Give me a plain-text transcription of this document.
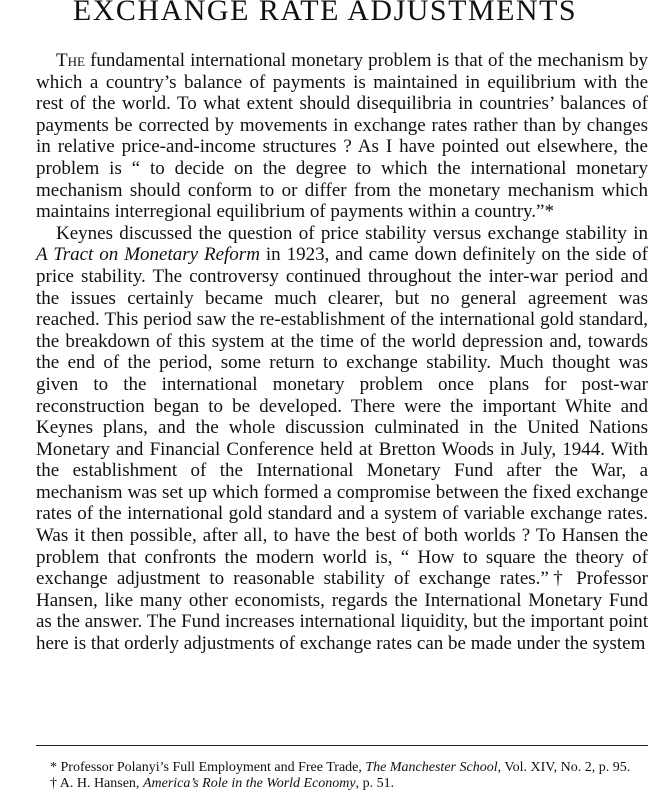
EXCHANGE RATE ADJUSTMENTS

The fundamental international monetary problem is that of the mechanism by which a country’s balance of payments is maintained in equilibrium with the rest of the world. To what extent should disequilibria in countries’ balances of payments be corrected by movements in exchange rates rather than by changes in relative price-and-income structures ? As I have pointed out elsewhere, the problem is “ to decide on the degree to which the international monetary mechanism should conform to or differ from the monetary mechanism which maintains interregional equilibrium of payments within a country.”*

Keynes discussed the question of price stability versus exchange stability in A Tract on Monetary Reform in 1923, and came down definitely on the side of price stability. The controversy continued throughout the inter-war period and the issues certainly became much clearer, but no general agreement was reached. This period saw the re-establishment of the international gold standard, the breakdown of this system at the time of the world depression and, towards the end of the period, some return to exchange stability. Much thought was given to the international monetary problem once plans for post-war reconstruction began to be developed. There were the important White and Keynes plans, and the whole discussion culminated in the United Nations Monetary and Financial Conference held at Bretton Woods in July, 1944. With the establishment of the International Monetary Fund after the War, a mechanism was set up which formed a compromise between the fixed exchange rates of the international gold standard and a system of variable exchange rates. Was it then possible, after all, to have the best of both worlds ? To Hansen the problem that confronts the modern world is, “ How to square the theory of exchange adjustment to reasonable stability of exchange rates.”† Professor Hansen, like many other economists, regards the International Monetary Fund as the answer. The Fund increases international liquidity, but the important point here is that orderly adjustments of exchange rates can be made under the system

* Professor Polanyi’s Full Employment and Free Trade, The Manchester School, Vol. XIV, No. 2, p. 95.

† A. H. Hansen, America’s Role in the World Economy, p. 51.
